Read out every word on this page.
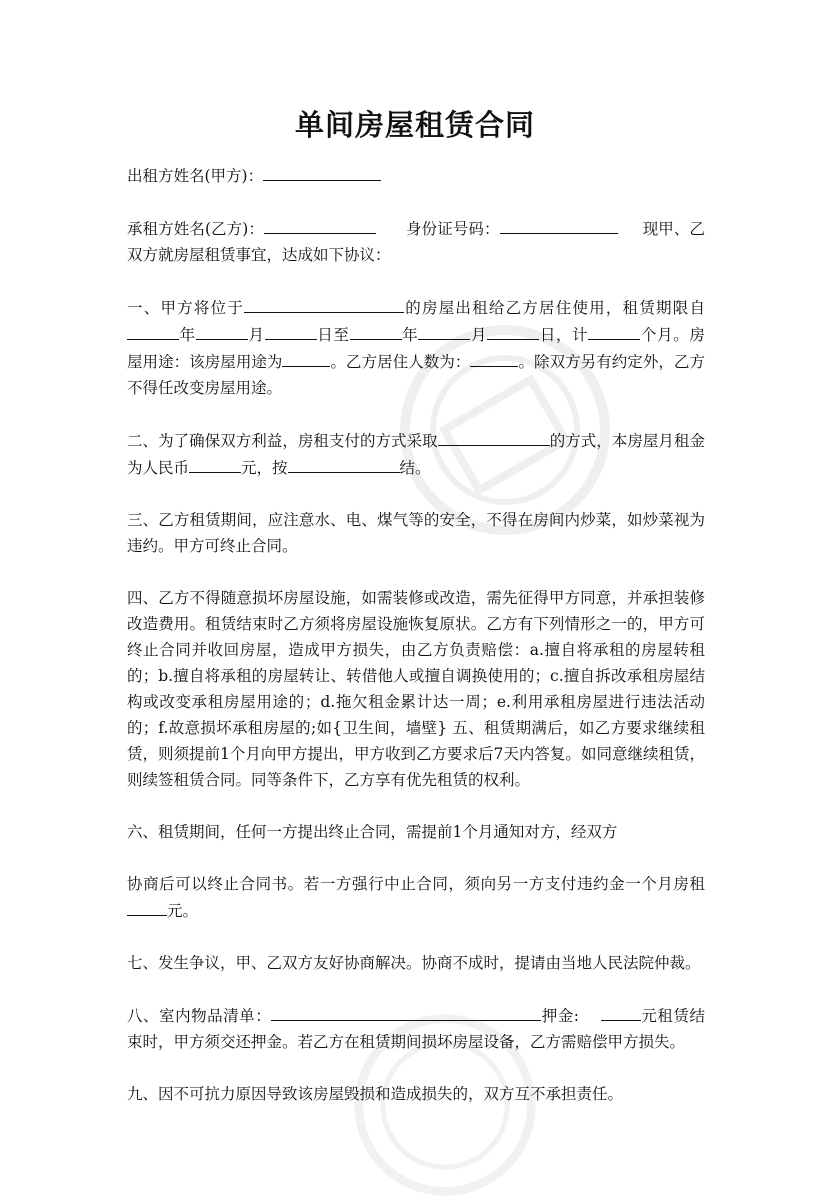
单间房屋租赁合同

出租方姓名(甲方)：

承租方姓名(乙方)：	身份证号码：	现甲、乙双方就房屋租赁事宜，达成如下协议：

一、甲方将位于	的房屋出租给乙方居住使用，租赁期限自年	月	日至	年	月	日，计	个月。房屋用途：该房屋用途为	。乙方居住人数为：	。除双方另有约定外，乙方不得任改变房屋用途。

二、为了确保双方利益，房租支付的方式采取	的方式，本房屋月租金为人民币	元，按	结。

三、乙方租赁期间，应注意水、电、煤气等的安全，不得在房间内炒菜，如炒菜视为违约。甲方可终止合同。

四、乙方不得随意损坏房屋设施，如需装修或改造，需先征得甲方同意，并承担装修改造费用。租赁结束时乙方须将房屋设施恢复原状。乙方有下列情形之一的，甲方可终止合同并收回房屋，造成甲方损失，由乙方负责赔偿：a.擅自将承租的房屋转租的；b.擅自将承租的房屋转让、转借他人或擅自调换使用的；c.擅自拆改承租房屋结构或改变承租房屋用途的；d.拖欠租金累计达一周；e.利用承租房屋进行违法活动的；f.故意损坏承租房屋的;如{卫生间，墙壁} 五、租赁期满后，如乙方要求继续租赁，则须提前1个月向甲方提出，甲方收到乙方要求后7天内答复。如同意继续租赁，则续签租赁合同。同等条件下，乙方享有优先租赁的权利。

六、租赁期间，任何一方提出终止合同，需提前1个月通知对方，经双方

协商后可以终止合同书。若一方强行中止合同，须向另一方支付违约金一个月房租元。

七、发生争议，甲、乙双方友好协商解决。协商不成时，提请由当地人民法院仲裁。

八、室内物品清单：	押金:	元租赁结束时，甲方须交还押金。若乙方在租赁期间损坏房屋设备，乙方需赔偿甲方损失。

九、因不可抗力原因导致该房屋毁损和造成损失的，双方互不承担责任。
